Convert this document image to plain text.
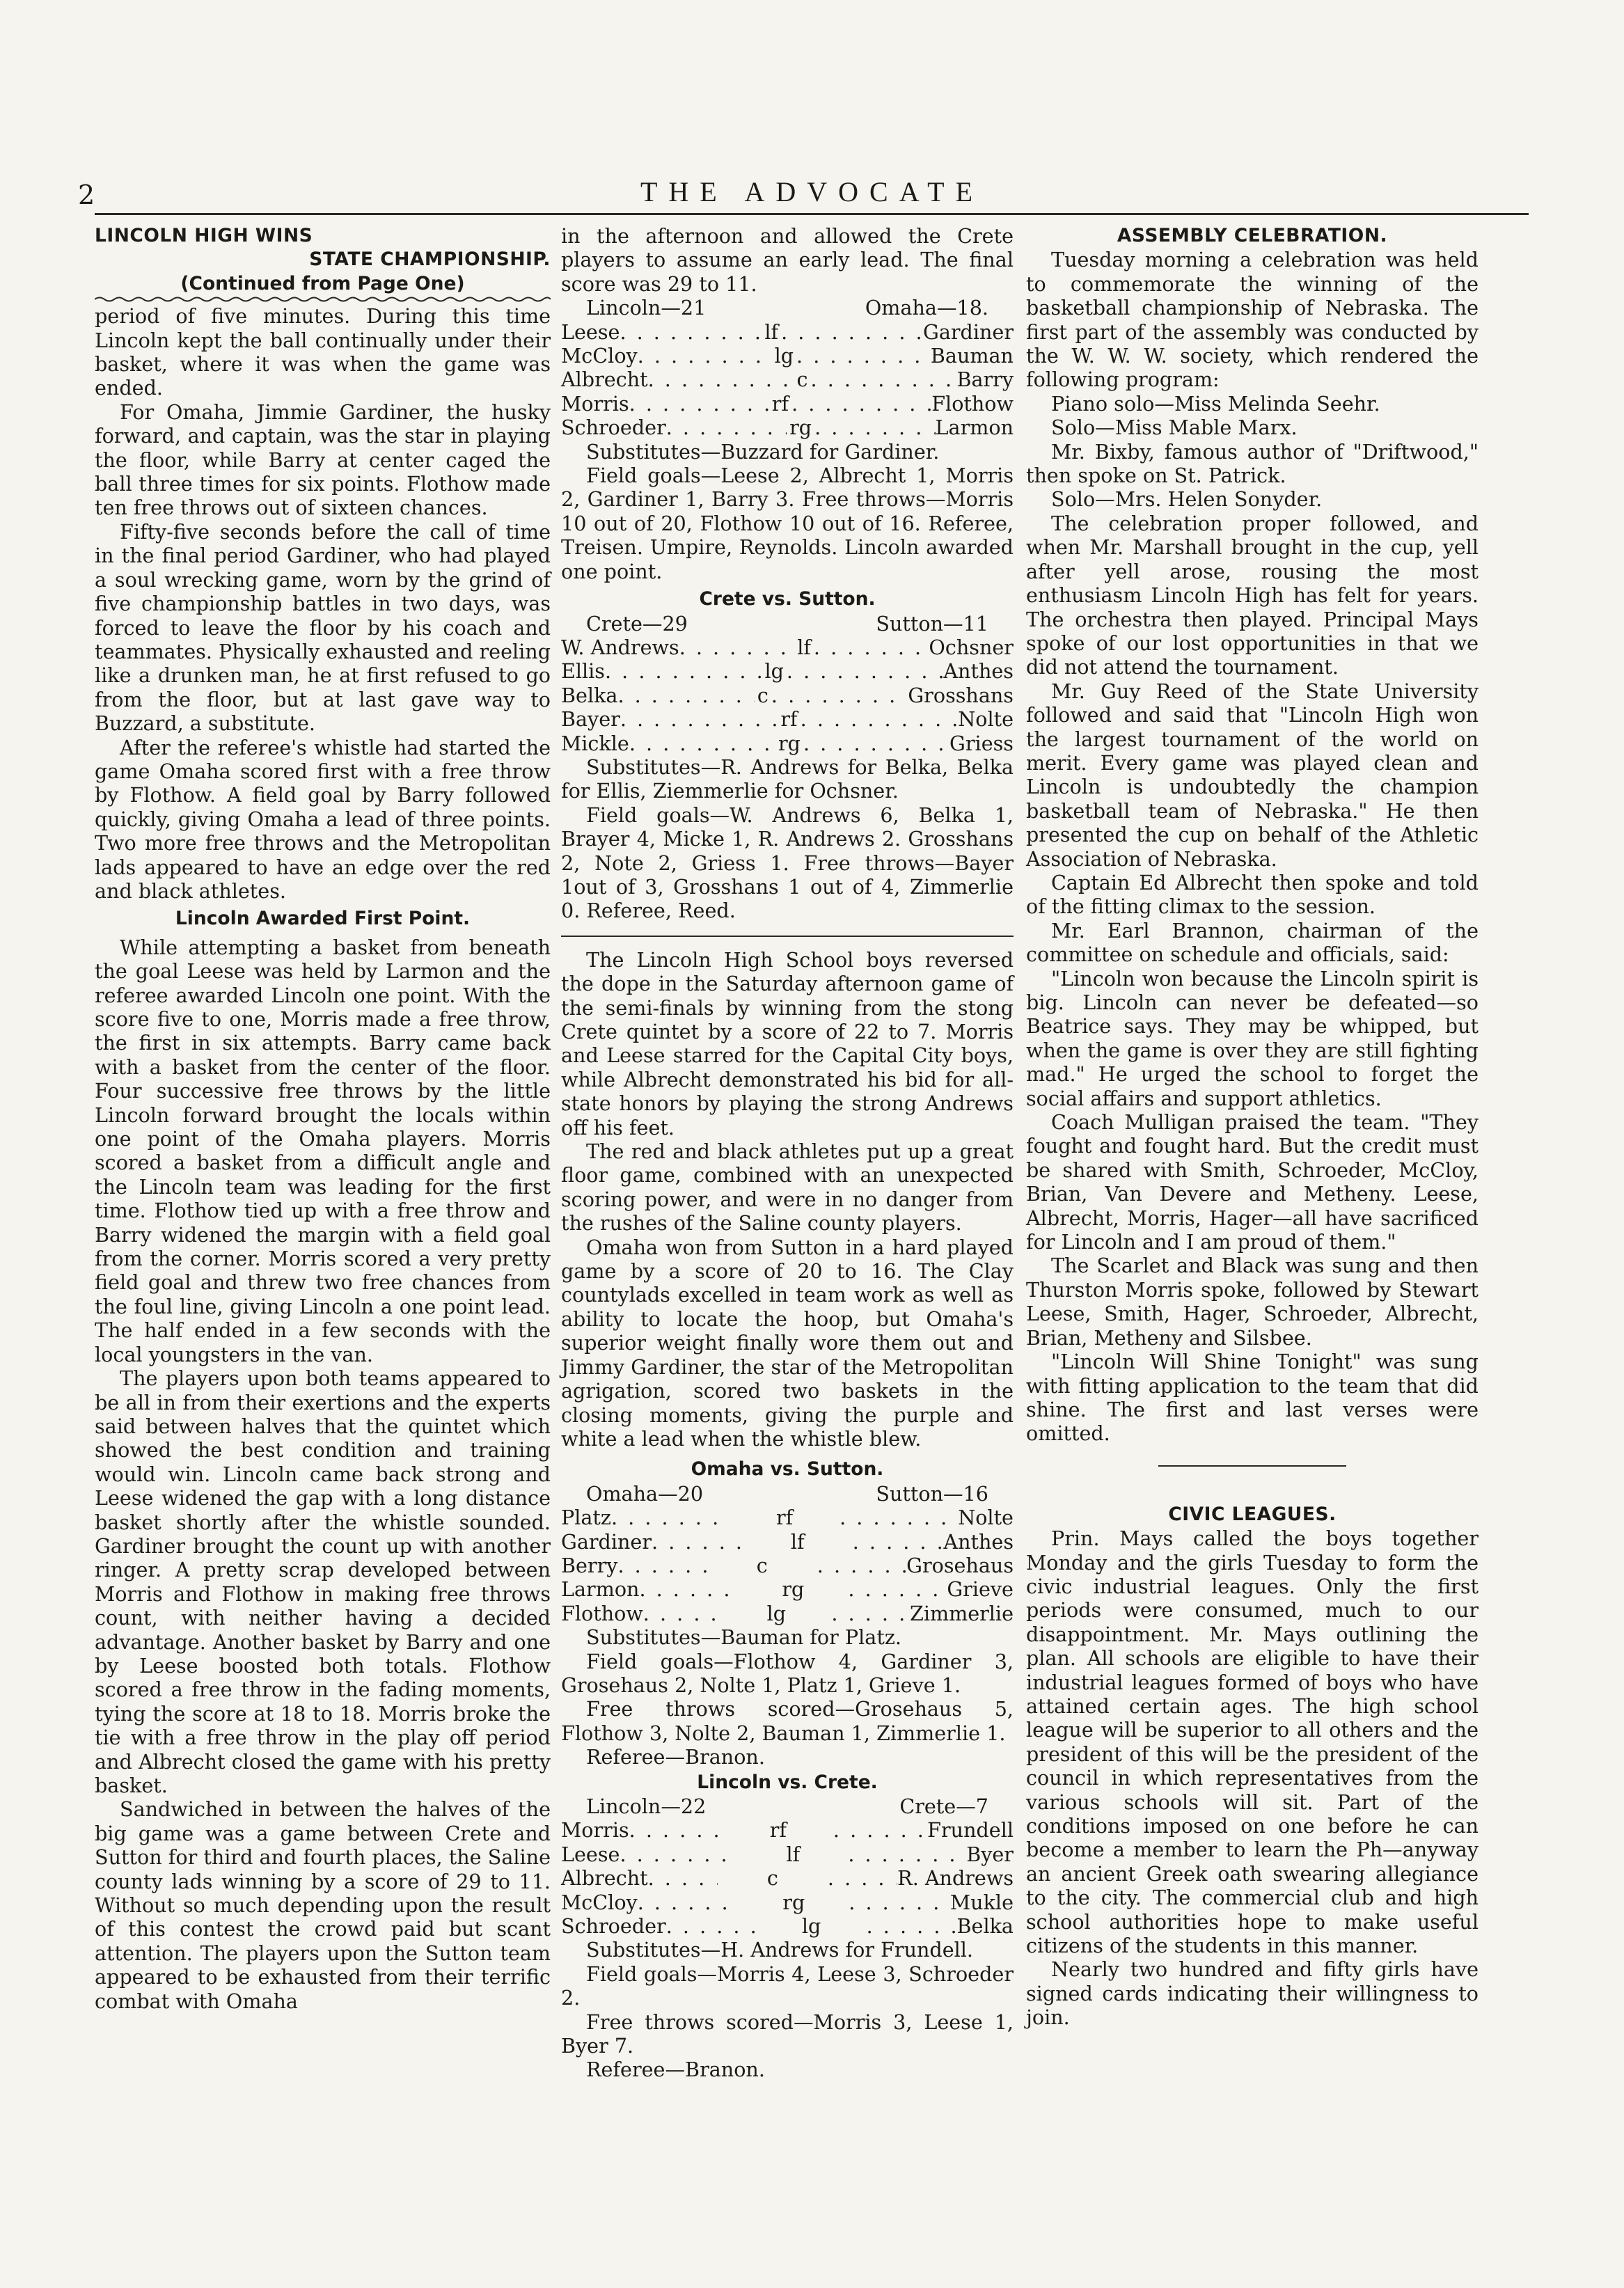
2	THE ADVOCATE
LINCOLN HIGH WINS
STATE CHAMPIONSHIP.
(Continued from Page One)

period of five minutes. During this time Lincoln kept the ball continually under their basket, where it was when the game was ended.

For Omaha, Jimmie Gardiner, the husky forward, and captain, was the star in playing the floor, while Barry at center caged the ball three times for six points. Flothow made ten free throws out of sixteen chances.

Fifty-five seconds before the call of time in the final period Gardiner, who had played a soul wrecking game, worn by the grind of five championship battles in two days, was forced to leave the floor by his coach and teammates. Physically exhausted and reeling like a drunken man, he at first refused to go from the floor, but at last gave way to Buzzard, a substitute.

After the referee's whistle had started the game Omaha scored first with a free throw by Flothow. A field goal by Barry followed quickly, giving Omaha a lead of three points. Two more free throws and the Metropolitan lads appeared to have an edge over the red and black athletes.

Lincoln Awarded First Point.

While attempting a basket from beneath the goal Leese was held by Larmon and the referee awarded Lincoln one point. With the score five to one, Morris made a free throw, the first in six attempts. Barry came back with a basket from the center of the floor. Four successive free throws by the little Lincoln forward brought the locals within one point of the Omaha players. Morris scored a basket from a difficult angle and the Lincoln team was leading for the first time. Flothow tied up with a free throw and Barry widened the margin with a field goal from the corner. Morris scored a very pretty field goal and threw two free chances from the foul line, giving Lincoln a one point lead. The half ended in a few seconds with the local youngsters in the van.

The players upon both teams appeared to be all in from their exertions and the experts said between halves that the quintet which showed the best condition and training would win. Lincoln came back strong and Leese widened the gap with a long distance basket shortly after the whistle sounded. Gardiner brought the count up with another ringer. A pretty scrap developed between Morris and Flothow in making free throws count, with neither having a decided advantage. Another basket by Barry and one by Leese boosted both totals. Flothow scored a free throw in the fading moments, tying the score at 18 to 18. Morris broke the tie with a free throw in the play off period and Albrecht closed the game with his pretty basket.

Sandwiched in between the halves of the big game was a game between Crete and Sutton for third and fourth places, the Saline county lads winning by a score of 29 to 11. Without so much depending upon the result of this contest the crowd paid but scant attention. The players upon the Sutton team appeared to be exhausted from their terrific combat with Omaha

in the afternoon and allowed the Crete players to assume an early lead. The final score was 29 to 11.

Lincoln—21	Omaha—18.
Leese . . .	lf . . .	Gardiner
McCloy . . .	lg . . .	Bauman
Albrecht . . .	c . . .	Barry
Morris . . .	rf . . .	Flothow
Schroeder . . .	rg . . .	Larmon

Substitutes—Buzzard for Gardiner.

Field goals—Leese 2, Albrecht 1, Morris 2, Gardiner 1, Barry 3. Free throws—Morris 10 out of 20, Flothow 10 out of 16. Referee, Treisen. Umpire, Reynolds. Lincoln awarded one point.

Crete vs. Sutton.
Crete—29	Sutton—11
W. Andrews . . .	lf . . .	Ochsner
Ellis . . .	lg . . .	Anthes
Belka . . .	c . . .	Grosshans
Bayer . . .	rf . . .	Nolte
Mickle . . .	rg . . .	Griess

Substitutes—R. Andrews for Belka, Belka for Ellis, Ziemmerlie for Ochsner.

Field goals—W. Andrews 6, Belka 1, Brayer 4, Micke 1, R. Andrews 2. Grosshans 2, Note 2, Griess 1. Free throws—Bayer 1out of 3, Grosshans 1 out of 4, Zimmerlie 0. Referee, Reed.

The Lincoln High School boys reversed the dope in the Saturday afternoon game of the semi-finals by winning from the stong Crete quintet by a score of 22 to 7. Morris and Leese starred for the Capital City boys, while Albrecht demonstrated his bid for all-state honors by playing the strong Andrews off his feet.

The red and black athletes put up a great floor game, combined with an unexpected scoring power, and were in no danger from the rushes of the Saline county players.

Omaha won from Sutton in a hard played game by a score of 20 to 16. The Clay countylads excelled in team work as well as ability to locate the hoop, but Omaha's superior weight finally wore them out and Jimmy Gardiner, the star of the Metropolitan agrigation, scored two baskets in the closing moments, giving the purple and white a lead when the whistle blew.

Omaha vs. Sutton.
Omaha—20	Sutton—16
Platz . . .	rf . . .	Nolte
Gardiner . . .	lf . . .	Anthes
Berry . . .	c . . .	Grosehaus
Larmon . . .	rg . . .	Grieve
Flothow . . .	lg . . .	Zimmerlie

Substitutes—Bauman for Platz.

Field goals—Flothow 4, Gardiner 3, Grosehaus 2, Nolte 1, Platz 1, Grieve 1.

Free throws scored—Grosehaus 5, Flothow 3, Nolte 2, Bauman 1, Zimmerlie 1.

Referee—Branon.

Lincoln vs. Crete.
Lincoln—22	Crete—7
Morris . . .	rf . . .	Frundell
Leese . . .	lf . . .	Byer
Albrecht . . .	c . . .	R. Andrews
McCloy . . .	rg . . .	Mukle
Schroeder . . .	lg . . .	Belka

Substitutes—H. Andrews for Frundell.

Field goals—Morris 4, Leese 3, Schroeder 2.

Free throws scored—Morris 3, Leese 1, Byer 7.

Referee—Branon.

ASSEMBLY CELEBRATION.

Tuesday morning a celebration was held to commemorate the winning of the basketball championship of Nebraska. The first part of the assembly was conducted by the W. W. W. society, which rendered the following program:

Piano solo—Miss Melinda Seehr.

Solo—Miss Mable Marx.

Mr. Bixby, famous author of "Driftwood," then spoke on St. Patrick.

Solo—Mrs. Helen Sonyder.

The celebration proper followed, and when Mr. Marshall brought in the cup, yell after yell arose, rousing the most enthusiasm Lincoln High has felt for years. The orchestra then played. Principal Mays spoke of our lost opportunities in that we did not attend the tournament.

Mr. Guy Reed of the State University followed and said that "Lincoln High won the largest tournament of the world on merit. Every game was played clean and Lincoln is undoubtedly the champion basketball team of Nebraska." He then presented the cup on behalf of the Athletic Association of Nebraska.

Captain Ed Albrecht then spoke and told of the fitting climax to the session.

Mr. Earl Brannon, chairman of the committee on schedule and officials, said:

"Lincoln won because the Lincoln spirit is big. Lincoln can never be defeated—so Beatrice says. They may be whipped, but when the game is over they are still fighting mad." He urged the school to forget the social affairs and support athletics.

Coach Mulligan praised the team. "They fought and fought hard. But the credit must be shared with Smith, Schroeder, McCloy, Brian, Van Devere and Metheny. Leese, Albrecht, Morris, Hager—all have sacrificed for Lincoln and I am proud of them."

The Scarlet and Black was sung and then Thurston Morris spoke, followed by Stewart Leese, Smith, Hager, Schroeder, Albrecht, Brian, Metheny and Silsbee.

"Lincoln Will Shine Tonight" was sung with fitting application to the team that did shine. The first and last verses were omitted.

CIVIC LEAGUES.

Prin. Mays called the boys together Monday and the girls Tuesday to form the civic industrial leagues. Only the first periods were consumed, much to our disappointment. Mr. Mays outlining the plan. All schools are eligible to have their industrial leagues formed of boys who have attained certain ages. The high school league will be superior to all others and the president of this will be the president of the council in which representatives from the various schools will sit. Part of the conditions imposed on one before he can become a member to learn the Ph—anyway an ancient Greek oath swearing allegiance to the city. The commercial club and high school authorities hope to make useful citizens of the students in this manner.

Nearly two hundred and fifty girls have signed cards indicating their willingness to join.
